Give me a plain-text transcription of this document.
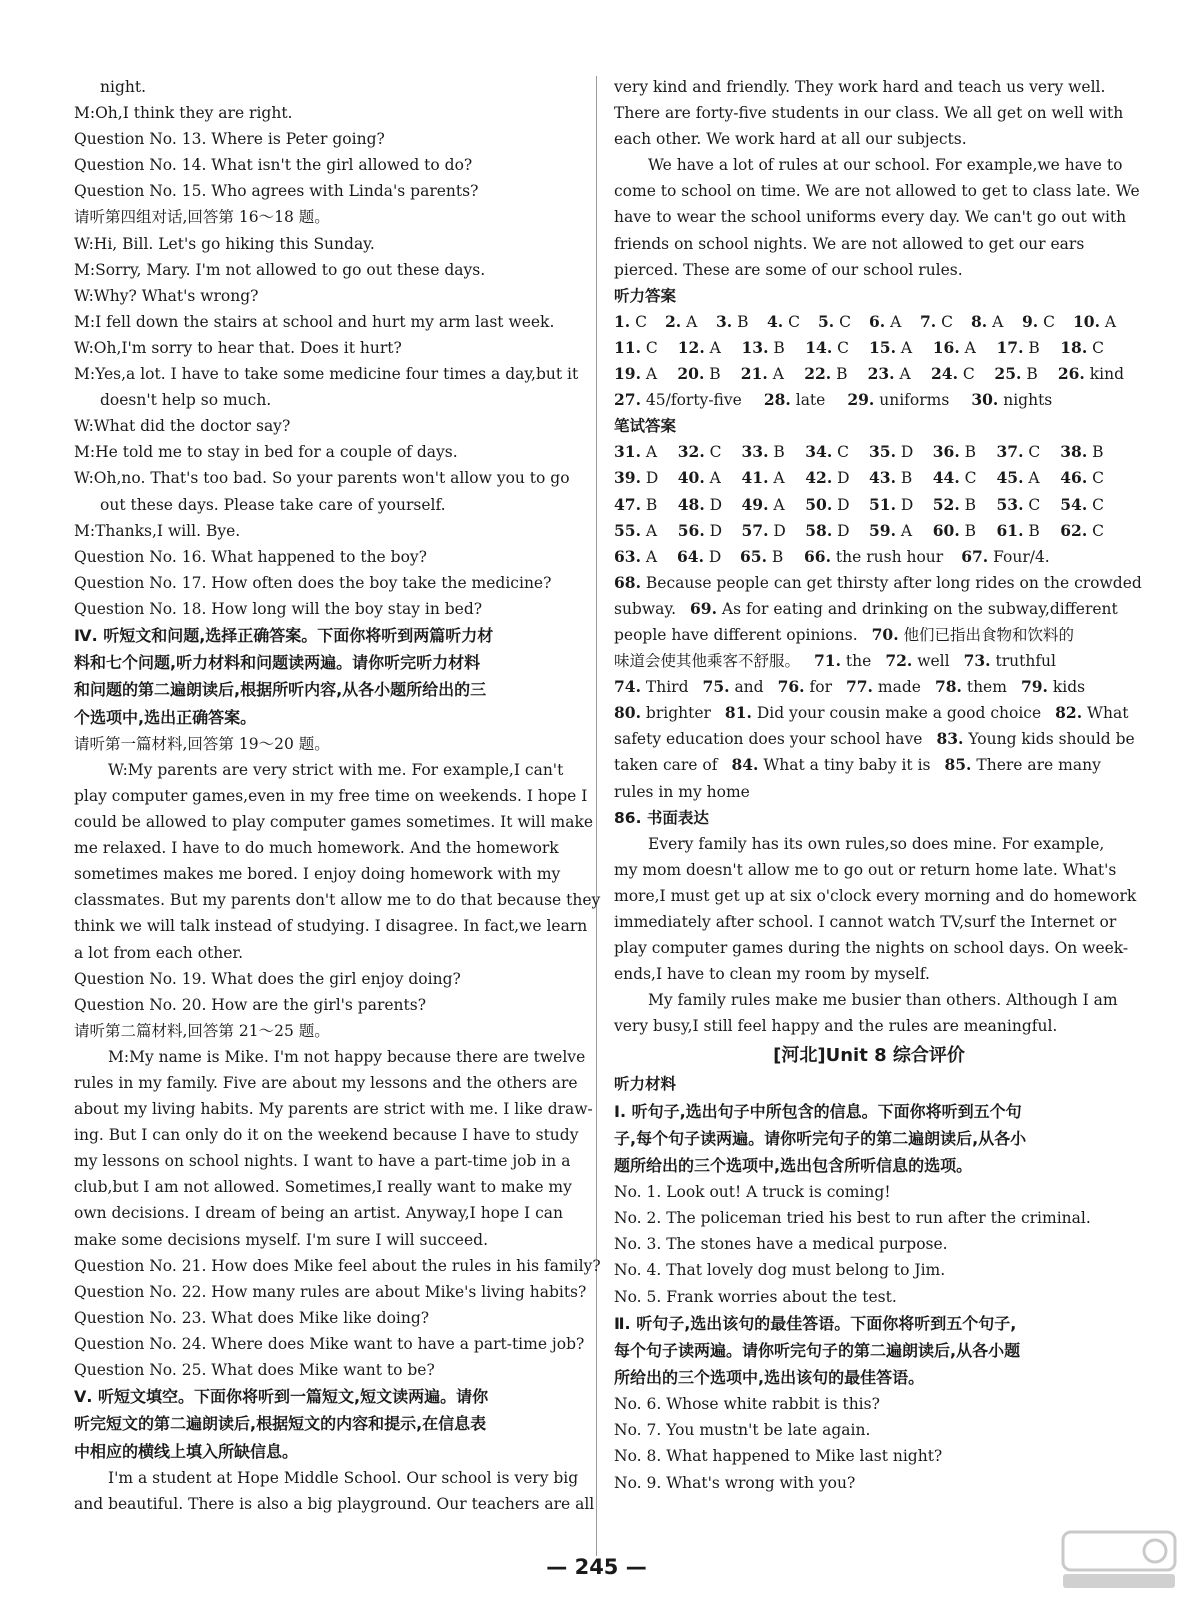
night.
M:Oh,I think they are right.
Question No. 13. Where is Peter going?
Question No. 14. What isn't the girl allowed to do?
Question No. 15. Who agrees with Linda's parents?
请听第四组对话,回答第 16～18 题。
W:Hi, Bill. Let's go hiking this Sunday.
M:Sorry, Mary. I'm not allowed to go out these days.
W:Why? What's wrong?
M:I fell down the stairs at school and hurt my arm last week.
W:Oh,I'm sorry to hear that. Does it hurt?
M:Yes,a lot. I have to take some medicine four times a day,but it
doesn't help so much.
W:What did the doctor say?
M:He told me to stay in bed for a couple of days.
W:Oh,no. That's too bad. So your parents won't allow you to go
out these days. Please take care of yourself.
M:Thanks,I will. Bye.
Question No. 16. What happened to the boy?
Question No. 17. How often does the boy take the medicine?
Question No. 18. How long will the boy stay in bed?
Ⅳ. 听短文和问题,选择正确答案。下面你将听到两篇听力材
料和七个问题,听力材料和问题读两遍。请你听完听力材料
和问题的第二遍朗读后,根据所听内容,从各小题所给出的三
个选项中,选出正确答案。
请听第一篇材料,回答第 19～20 题。
W:My parents are very strict with me. For example,I can't
play computer games,even in my free time on weekends. I hope I
could be allowed to play computer games sometimes. It will make
me relaxed. I have to do much homework. And the homework
sometimes makes me bored. I enjoy doing homework with my
classmates. But my parents don't allow me to do that because they
think we will talk instead of studying. I disagree. In fact,we learn
a lot from each other.
Question No. 19. What does the girl enjoy doing?
Question No. 20. How are the girl's parents?
请听第二篇材料,回答第 21～25 题。
M:My name is Mike. I'm not happy because there are twelve
rules in my family. Five are about my lessons and the others are
about my living habits. My parents are strict with me. I like draw-
ing. But I can only do it on the weekend because I have to study
my lessons on school nights. I want to have a part-time job in a
club,but I am not allowed. Sometimes,I really want to make my
own decisions. I dream of being an artist. Anyway,I hope I can
make some decisions myself. I'm sure I will succeed.
Question No. 21. How does Mike feel about the rules in his family?
Question No. 22. How many rules are about Mike's living habits?
Question No. 23. What does Mike like doing?
Question No. 24. Where does Mike want to have a part-time job?
Question No. 25. What does Mike want to be?
Ⅴ. 听短文填空。下面你将听到一篇短文,短文读两遍。请你
听完短文的第二遍朗读后,根据短文的内容和提示,在信息表
中相应的横线上填入所缺信息。
I'm a student at Hope Middle School. Our school is very big
and beautiful. There is also a big playground. Our teachers are all
very kind and friendly. They work hard and teach us very well.
There are forty-five students in our class. We all get on well with
each other. We work hard at all our subjects.
We have a lot of rules at our school. For example,we have to
come to school on time. We are not allowed to get to class late. We
have to wear the school uniforms every day. We can't go out with
friends on school nights. We are not allowed to get our ears
pierced. These are some of our school rules.
听力答案
1. C	2. A	3. B	4. C	5. C	6. A	7. C	8. A	9. C	10. A
11. C	12. A	13. B	14. C	15. A	16. A	17. B	18. C
19. A	20. B	21. A	22. B	23. A	24. C	25. B	26. kind
27. 45/forty-five 28. late 29. uniforms 30. nights
笔试答案
31. A	32. C	33. B	34. C	35. D	36. B	37. C	38. B
39. D	40. A	41. A	42. D	43. B	44. C	45. A	46. C
47. B	48. D	49. A	50. D	51. D	52. B	53. C	54. C
55. A	56. D	57. D	58. D	59. A	60. B	61. B	62. C
63. A 64. D 65. B 66. the rush hour 67. Four/4.
68. Because people can get thirsty after long rides on the crowded
subway. 69. As for eating and drinking on the subway,different
people have different opinions. 70. 他们已指出食物和饮料的
味道会使其他乘客不舒服。 71. the 72. well 73. truthful
74. Third 75. and 76. for 77. made 78. them 79. kids
80. brighter 81. Did your cousin make a good choice 82. What
safety education does your school have 83. Young kids should be
taken care of 84. What a tiny baby it is 85. There are many
rules in my home
86. 书面表达
Every family has its own rules,so does mine. For example,
my mom doesn't allow me to go out or return home late. What's
more,I must get up at six o'clock every morning and do homework
immediately after school. I cannot watch TV,surf the Internet or
play computer games during the nights on school days. On week-
ends,I have to clean my room by myself.
My family rules make me busier than others. Although I am
very busy,I still feel happy and the rules are meaningful.
[河北]Unit 8 综合评价
听力材料
Ⅰ. 听句子,选出句子中所包含的信息。下面你将听到五个句
子,每个句子读两遍。请你听完句子的第二遍朗读后,从各小
题所给出的三个选项中,选出包含所听信息的选项。
No. 1. Look out! A truck is coming!
No. 2. The policeman tried his best to run after the criminal.
No. 3. The stones have a medical purpose.
No. 4. That lovely dog must belong to Jim.
No. 5. Frank worries about the test.
Ⅱ. 听句子,选出该句的最佳答语。下面你将听到五个句子,
每个句子读两遍。请你听完句子的第二遍朗读后,从各小题
所给出的三个选项中,选出该句的最佳答语。
No. 6. Whose white rabbit is this?
No. 7. You mustn't be late again.
No. 8. What happened to Mike last night?
No. 9. What's wrong with you?
— 245 —
